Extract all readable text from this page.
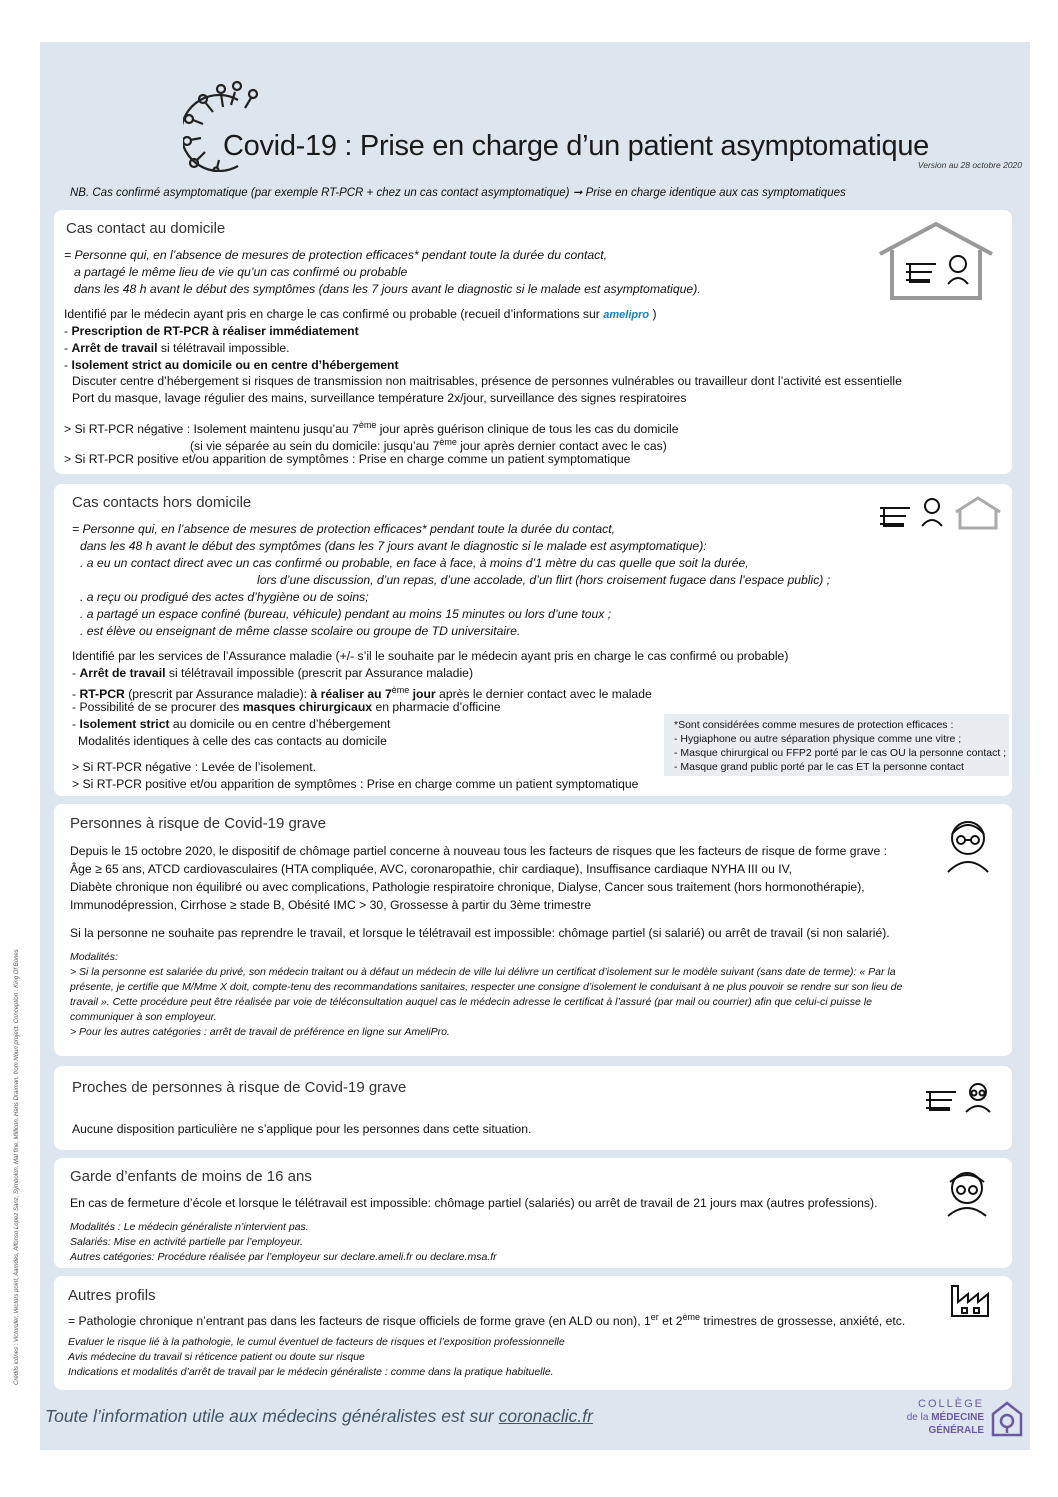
Covid-19 : Prise en charge d’un patient asymptomatique
Version au 28 octobre 2020
NB. Cas confirmé asymptomatique (par exemple RT-PCR + chez un cas contact asymptomatique) ➞ Prise en charge identique aux cas symptomatiques
Cas contact au domicile
= Personne qui, en l’absence de mesures de protection efficaces* pendant toute la durée du contact,
a partagé le même lieu de vie qu’un cas confirmé ou probable
dans les 48 h avant le début des symptômes (dans les 7 jours avant le diagnostic si le malade est asymptomatique).
Identifié par le médecin ayant pris en charge le cas confirmé ou probable (recueil d’informations sur amelipro )
- Prescription de RT-PCR à réaliser immédiatement
- Arrêt de travail si télétravail impossible.
- Isolement strict au domicile ou en centre d’hébergement
Discuter centre d’hébergement si risques de transmission non maitrisables, présence de personnes vulnérables ou travailleur dont l’activité est essentielle
Port du masque, lavage régulier des mains, surveillance température 2x/jour, surveillance des signes respiratoires
> Si RT-PCR négative : Isolement maintenu jusqu’au 7ème jour après guérison clinique de tous les cas du domicile
(si vie séparée au sein du domicile: jusqu’au 7ème jour après dernier contact avec le cas)
> Si RT-PCR positive et/ou apparition de symptômes : Prise en charge comme un patient symptomatique
Cas contacts hors domicile
= Personne qui, en l’absence de mesures de protection efficaces* pendant toute la durée du contact,
dans les 48 h avant le début des symptômes (dans les 7 jours avant le diagnostic si le malade est asymptomatique):
. a eu un contact direct avec un cas confirmé ou probable, en face à face, à moins d’1 mètre du cas quelle que soit la durée,
lors d’une discussion, d’un repas, d’une accolade, d’un flirt (hors croisement fugace dans l’espace public) ;
. a reçu ou prodigué des actes d’hygiène ou de soins;
. a partagé un espace confiné (bureau, véhicule) pendant au moins 15 minutes ou lors d’une toux ;
. est élève ou enseignant de même classe scolaire ou groupe de TD universitaire.
Identifié par les services de l’Assurance maladie (+/- s’il le souhaite par le médecin ayant pris en charge le cas confirmé ou probable)
- Arrêt de travail si télétravail impossible (prescrit par Assurance maladie)
- RT-PCR (prescrit par Assurance maladie): à réaliser au 7ème jour après le dernier contact avec le malade
- Possibilité de se procurer des masques chirurgicaux en pharmacie d’officine
- Isolement strict au domicile ou en centre d’hébergement
Modalités identiques à celle des cas contacts au domicile
> Si RT-PCR négative : Levée de l’isolement.
> Si RT-PCR positive et/ou apparition de symptômes : Prise en charge comme un patient symptomatique
*Sont considérées comme mesures de protection efficaces :
- Hygiaphone ou autre séparation physique comme une vitre ;
- Masque chirurgical ou FFP2 porté par le cas OU la personne contact ;
- Masque grand public porté par le cas ET la personne contact
Personnes à risque de Covid-19 grave
Depuis le 15 octobre 2020, le dispositif de chômage partiel concerne à nouveau tous les facteurs de risques que les facteurs de risque de forme grave :
Âge ≥ 65 ans, ATCD cardiovasculaires (HTA compliquée, AVC, coronaropathie, chir cardiaque), Insuffisance cardiaque NYHA III ou IV,
Diabète chronique non équilibré ou avec complications, Pathologie respiratoire chronique, Dialyse, Cancer sous traitement (hors hormonothérapie),
Immunodépression, Cirrhose ≥ stade B, Obésité IMC > 30, Grossesse à partir du 3ème trimestre
Si la personne ne souhaite pas reprendre le travail, et lorsque le télétravail est impossible: chômage partiel (si salarié) ou arrêt de travail (si non salarié).
Modalités:
> Si la personne est salariée du privé, son médecin traitant ou à défaut un médecin de ville lui délivre un certificat d’isolement sur le modèle suivant (sans date de terme): « Par la
présente, je certifie que M/Mme X doit, compte-tenu des recommandations sanitaires, respecter une consigne d’isolement le conduisant à ne plus pouvoir se rendre sur son lieu de
travail ». Cette procédure peut être réalisée par voie de téléconsultation auquel cas le médecin adresse le certificat à l’assuré (par mail ou courrier) afin que celui-ci puisse le
communiquer à son employeur.
> Pour les autres catégories : arrêt de travail de préférence en ligne sur AmeliPro.
Proches de personnes à risque de Covid-19 grave
Aucune disposition particulière ne s’applique pour les personnes dans cette situation.
Garde d’enfants de moins de 16 ans
En cas de fermeture d’école et lorsque le télétravail est impossible: chômage partiel (salariés) ou arrêt de travail de 21 jours max (autres professions).
Modalités : Le médecin généraliste n’intervient pas.
Salariés: Mise en activité partielle par l’employeur.
Autres catégories: Procédure réalisée par l’employeur sur declare.ameli.fr ou declare.msa.fr
Autres profils
= Pathologie chronique n’entrant pas dans les facteurs de risque officiels de forme grave (en ALD ou non), 1er et 2ème trimestres de grossesse, anxiété, etc.
Evaluer le risque lié à la pathologie, le cumul éventuel de facteurs de risques et l’exposition professionnelle
Avis médecine du travail si réticence patient ou doute sur risque
Indications et modalités d’arrêt de travail par le médecin généraliste : comme dans la pratique habituelle.
Toute l’information utile aux médecins généralistes est sur coronaclic.fr
COLLÈGE
de la MÉDECINE
GÉNÉRALE
Crédits icônes : Victoruler, Vectors point, Aamdes, Alfonso Lopez Sanz, Symbolon, Mat fine, Millicon, Hans Draiman, from Noun project. Conception : King Of Bones
